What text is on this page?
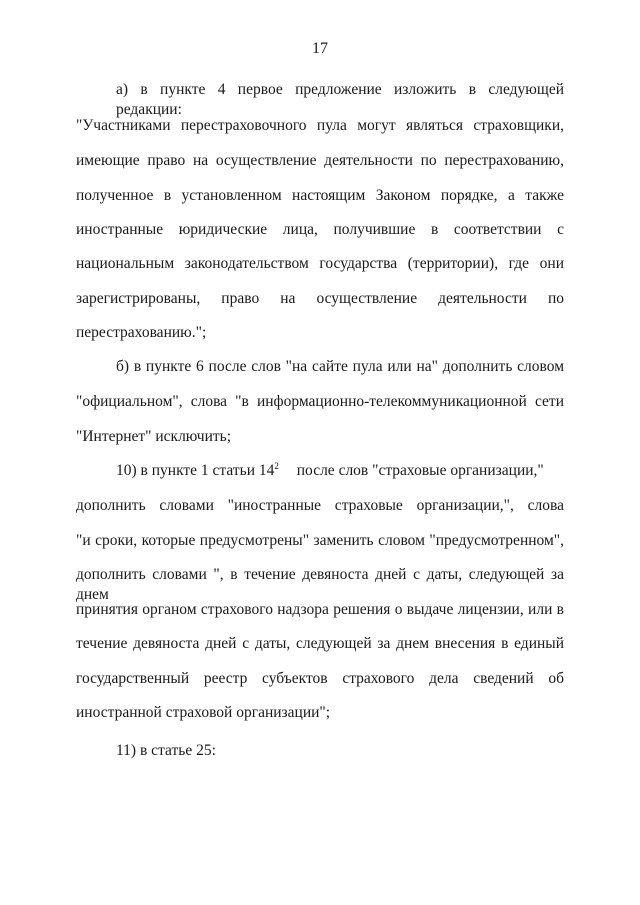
17
а) в пункте 4 первое предложение изложить в следующей редакции:
"Участниками перестраховочного пула могут являться страховщики,
имеющие право на осуществление деятельности по перестрахованию,
полученное в установленном настоящим Законом порядке, а также
иностранные юридические лица, получившие в соответствии с
национальным законодательством государства (территории), где они
зарегистрированы, право на осуществление деятельности по
перестрахованию.";
б) в пункте 6 после слов "на сайте пула или на" дополнить словом
"официальном", слова "в информационно-телекоммуникационной сети
"Интернет" исключить;
10) в пункте 1 статьи $14^2$ после слов "страховые организации,"
дополнить словами "иностранные страховые организации,", слова
"и сроки, которые предусмотрены" заменить словом "предусмотренном",
дополнить словами ", в течение девяноста дней с даты, следующей за днем
принятия органом страхового надзора решения о выдаче лицензии, или в
течение девяноста дней с даты, следующей за днем внесения в единый
государственный реестр субъектов страхового дела сведений об
иностранной страховой организации";
11) в статье 25:
